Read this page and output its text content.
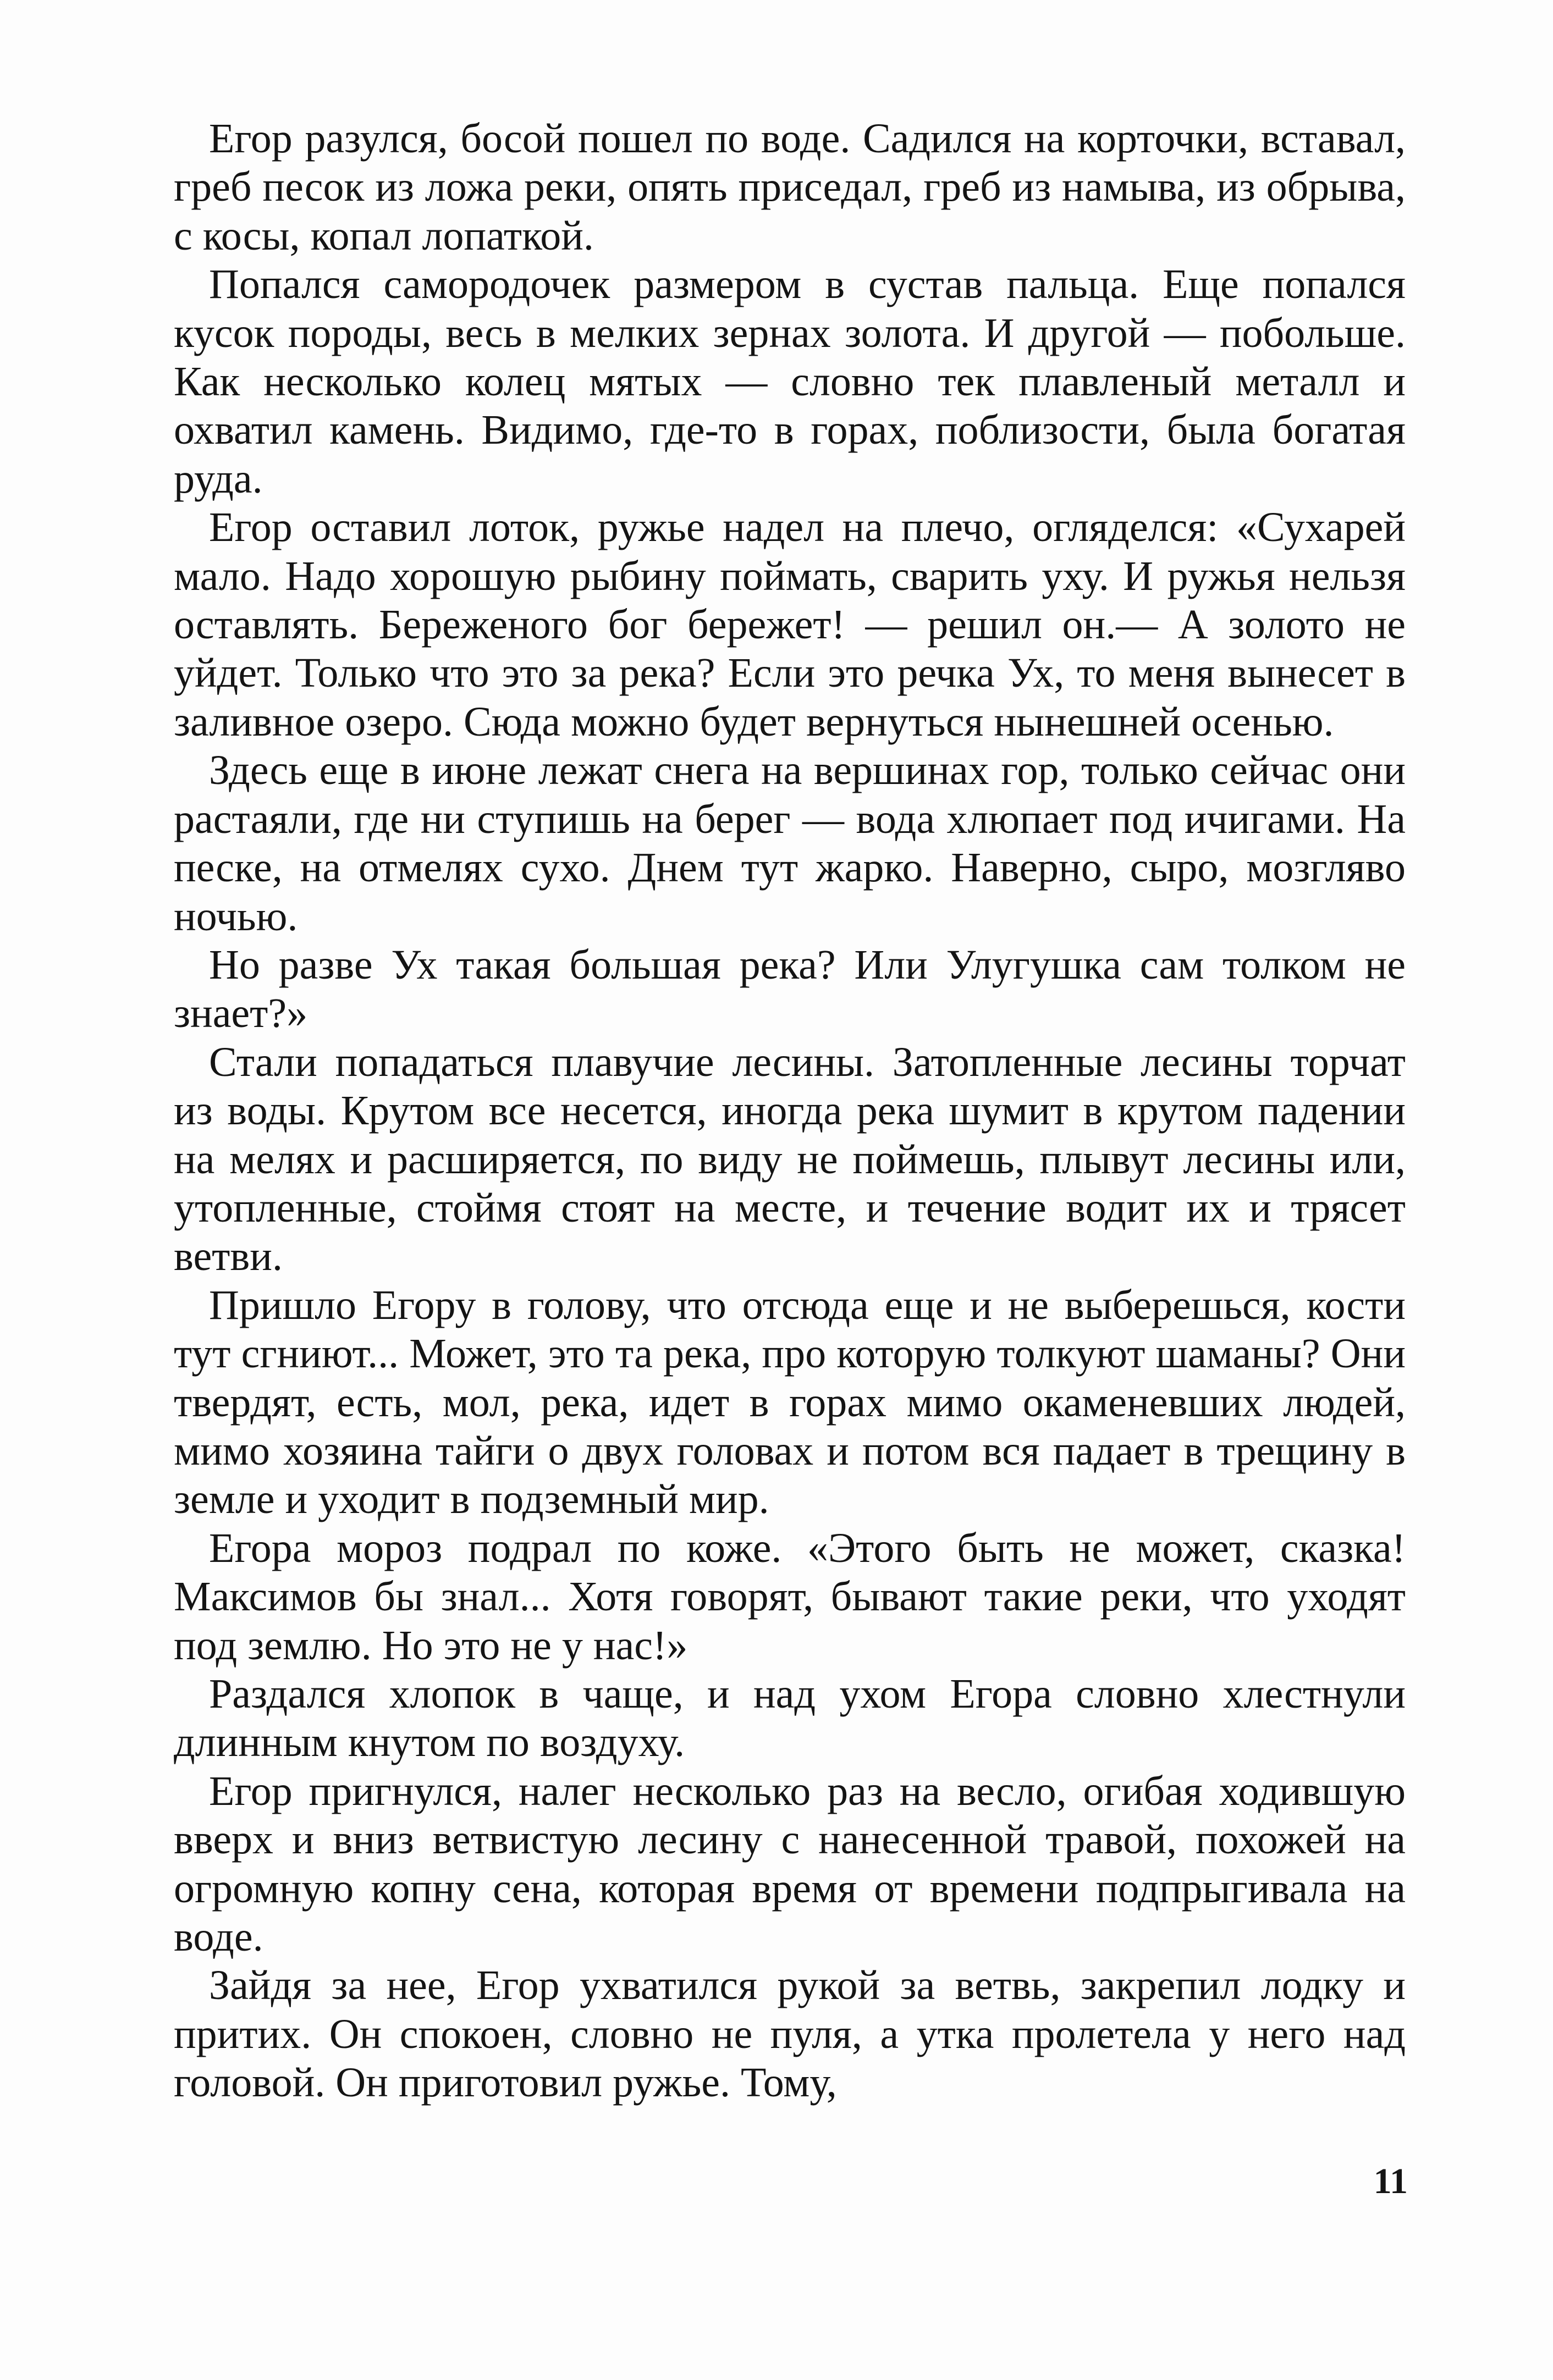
Егор разулся, босой пошел по воде. Садился на корточки, вставал, греб песок из ложа реки, опять приседал, греб из намыва, из обрыва, с косы, копал лопаткой.

Попался самородочек размером в сустав пальца. Еще попался кусок породы, весь в мелких зернах золота. И другой — побольше. Как несколько колец мятых — словно тек плавленый металл и охватил камень. Видимо, где-то в горах, поблизости, была богатая руда.

Егор оставил лоток, ружье надел на плечо, огляделся: «Сухарей мало. Надо хорошую рыбину поймать, сварить уху. И ружья нельзя оставлять. Береженого бог бережет! — решил он.— А золото не уйдет. Только что это за река? Если это речка Ух, то меня вынесет в заливное озеро. Сюда можно будет вернуться нынешней осенью.

Здесь еще в июне лежат снега на вершинах гор, только сейчас они растаяли, где ни ступишь на берег — вода хлюпает под ичигами. На песке, на отмелях сухо. Днем тут жарко. Наверно, сыро, мозгляво ночью.

Но разве Ух такая большая река? Или Улугушка сам толком не знает?»

Стали попадаться плавучие лесины. Затопленные лесины торчат из воды. Крутом все несется, иногда река шумит в крутом падении на мелях и расширяется, по виду не поймешь, плывут лесины или, утопленные, стоймя стоят на месте, и течение водит их и трясет ветви.

Пришло Егору в голову, что отсюда еще и не выберешься, кости тут сгниют... Может, это та река, про которую толкуют шаманы? Они твердят, есть, мол, река, идет в горах мимо окаменевших людей, мимо хозяина тайги о двух головах и потом вся падает в трещину в земле и уходит в подземный мир.

Егора мороз подрал по коже. «Этого быть не может, сказка! Максимов бы знал... Хотя говорят, бывают такие реки, что уходят под землю. Но это не у нас!»

Раздался хлопок в чаще, и над ухом Егора словно хлестнули длинным кнутом по воздуху.

Егор пригнулся, налег несколько раз на весло, огибая ходившую вверх и вниз ветвистую лесину с нанесенной травой, похожей на огромную копну сена, которая время от времени подпрыгивала на воде.

Зайдя за нее, Егор ухватился рукой за ветвь, закрепил лодку и притих. Он спокоен, словно не пуля, а утка пролетела у него над головой. Он приготовил ружье. Тому,

11
